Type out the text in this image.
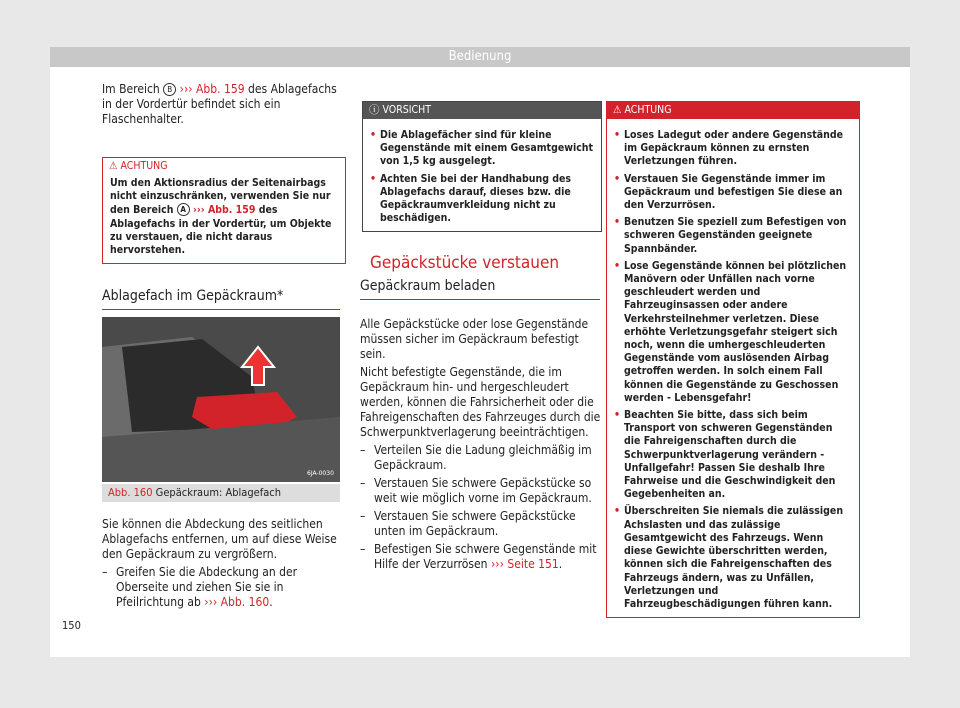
Bedienung

Im Bereich B ››› Abb. 159 des Ablagefachs in der Vordertür befindet sich ein Flaschenhalter.

⚠ ACHTUNG
Um den Aktionsradius der Seitenairbags nicht einzuschränken, verwenden Sie nur den Bereich A ››› Abb. 159 des Ablagefachs in der Vordertür, um Objekte zu verstauen, die nicht daraus hervorstehen.
Ablagefach im Gepäckraum*
6JA-0030
Abb. 160 Gepäckraum: Ablagefach

Sie können die Abdeckung des seitlichen Ablagefachs entfernen, um auf diese Weise den Gepäckraum zu vergrößern.

– Greifen Sie die Abdeckung an der Oberseite und ziehen Sie sie in Pfeilrichtung ab ››› Abb. 160.

ⓘ VORSICHT
• Die Ablagefächer sind für kleine Gegenstände mit einem Gesamtgewicht von 1,5 kg ausgelegt.
• Achten Sie bei der Handhabung des Ablagefachs darauf, dieses bzw. die Gepäckraumverkleidung nicht zu beschädigen.
Gepäckstücke verstauen
Gepäckraum beladen

Alle Gepäckstücke oder lose Gegenstände müssen sicher im Gepäckraum befestigt sein.

Nicht befestigte Gegenstände, die im Gepäckraum hin- und hergeschleudert werden, können die Fahrsicherheit oder die Fahreigenschaften des Fahrzeuges durch die Schwerpunktverlagerung beeinträchtigen.

– Verteilen Sie die Ladung gleichmäßig im Gepäckraum.

– Verstauen Sie schwere Gepäckstücke so weit wie möglich vorne im Gepäckraum.

– Verstauen Sie schwere Gepäckstücke unten im Gepäckraum.

– Befestigen Sie schwere Gegenstände mit Hilfe der Verzurrösen ››› Seite 151.

⚠ ACHTUNG
• Loses Ladegut oder andere Gegenstände im Gepäckraum können zu ernsten Verletzungen führen.
• Verstauen Sie Gegenstände immer im Gepäckraum und befestigen Sie diese an den Verzurrösen.
• Benutzen Sie speziell zum Befestigen von schweren Gegenständen geeignete Spannbänder.
• Lose Gegenstände können bei plötzlichen Manövern oder Unfällen nach vorne geschleudert werden und Fahrzeuginsassen oder andere Verkehrsteilnehmer verletzen. Diese erhöhte Verletzungsgefahr steigert sich noch, wenn die umhergeschleuderten Gegenstände vom auslösenden Airbag getroffen werden. In solch einem Fall können die Gegenstände zu Geschossen werden - Lebensgefahr!
• Beachten Sie bitte, dass sich beim Transport von schweren Gegenständen die Fahreigenschaften durch die Schwerpunktverlagerung verändern - Unfallgefahr! Passen Sie deshalb Ihre Fahrweise und die Geschwindigkeit den Gegebenheiten an.
• Überschreiten Sie niemals die zulässigen Achslasten und das zulässige Gesamtgewicht des Fahrzeugs. Wenn diese Gewichte überschritten werden, können sich die Fahreigenschaften des Fahrzeugs ändern, was zu Unfällen, Verletzungen und Fahrzeugbeschädigungen führen kann.
150
